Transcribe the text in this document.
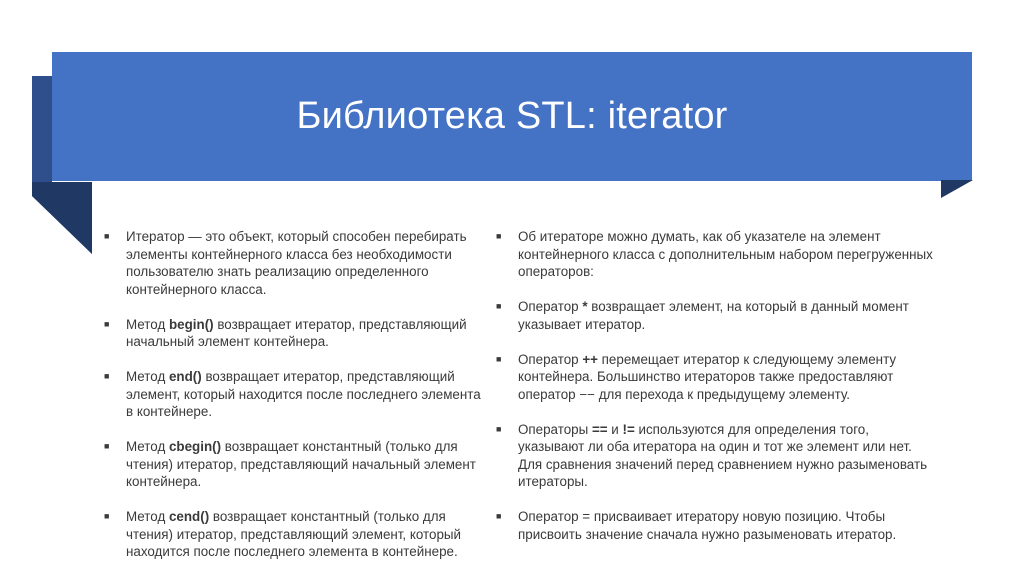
Библиотека STL: iterator
■ Итератор — это объект, который способен перебирать элементы контейнерного класса без необходимости пользователю знать реализацию определенного контейнерного класса.
■ Метод begin() возвращает итератор, представляющий начальный элемент контейнера.
■ Метод end() возвращает итератор, представляющий элемент, который находится после последнего элемента в контейнере.
■ Метод cbegin() возвращает константный (только для чтения) итератор, представляющий начальный элемент контейнера.
■ Метод cend() возвращает константный (только для чтения) итератор, представляющий элемент, который находится после последнего элемента в контейнере.
■ Об итераторе можно думать, как об указателе на элемент контейнерного класса с дополнительным набором перегруженных операторов:
■ Оператор * возвращает элемент, на который в данный момент указывает итератор.
■ Оператор ++ перемещает итератор к следующему элементу контейнера. Большинство итераторов также предоставляют оператор −− для перехода к предыдущему элементу.
■ Операторы == и != используются для определения того, указывают ли оба итератора на один и тот же элемент или нет. Для сравнения значений перед сравнением нужно разыменовать итераторы.
■ Оператор = присваивает итератору новую позицию. Чтобы присвоить значение сначала нужно разыменовать итератор.
